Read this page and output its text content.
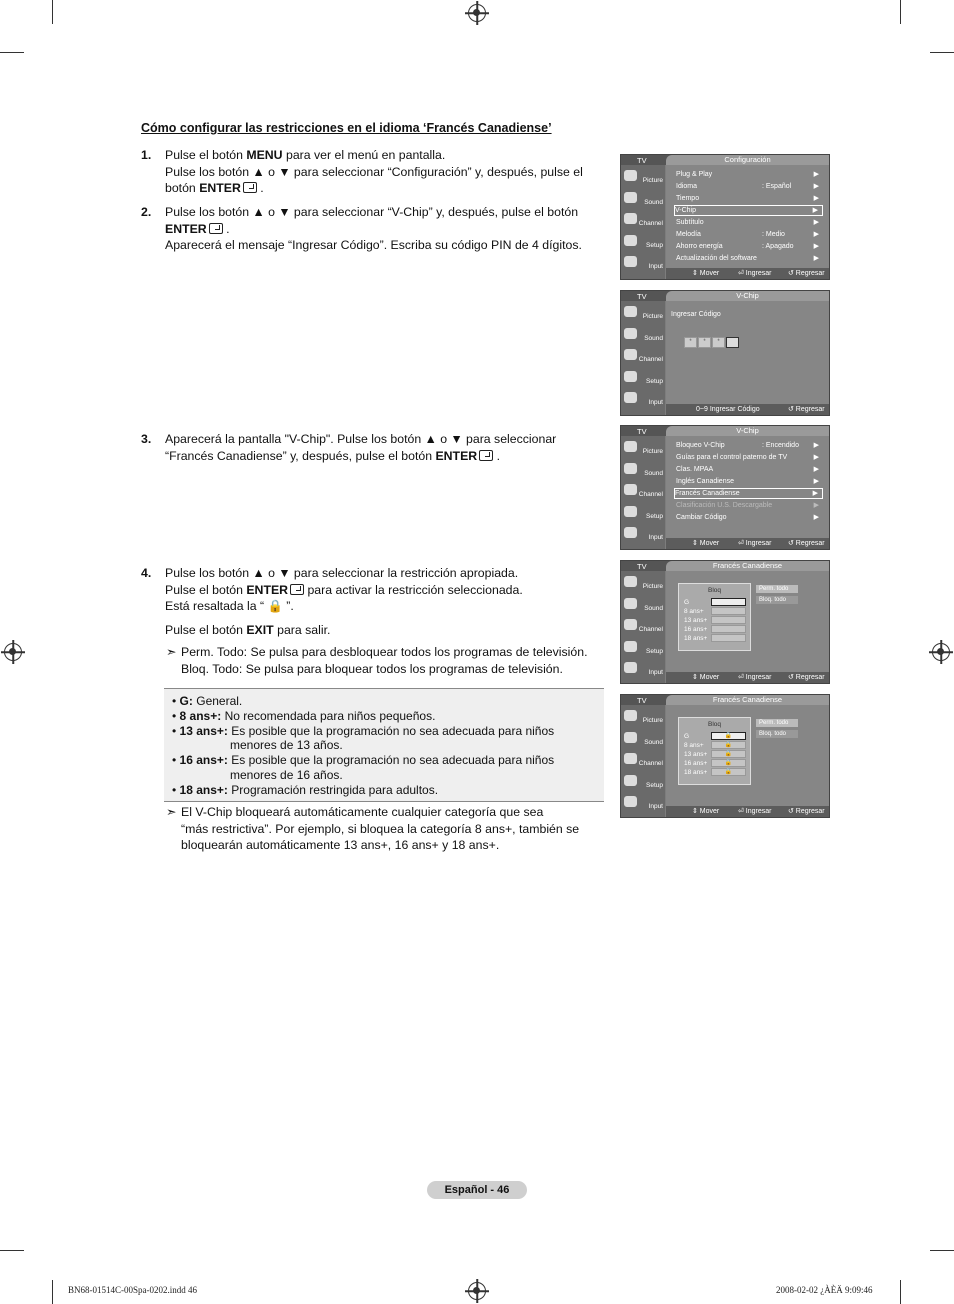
Cómo configurar las restricciones en el idioma ‘Francés Canadiense’
1. Pulse el botón MENU para ver el menú en pantalla.
Pulse los botón ▲ o ▼ para seleccionar “Configuración” y, después, pulse el
botón ENTER .
2. Pulse los botón ▲ o ▼ para seleccionar “V-Chip” y, después, pulse el botón
ENTER .
Aparecerá el mensaje “Ingresar Código”. Escriba su código PIN de 4 dígitos.
3. Aparecerá la pantalla "V-Chip". Pulse los botón ▲ o ▼ para seleccionar
“Francés Canadiense” y, después, pulse el botón ENTER .
4. Pulse los botón ▲ o ▼ para seleccionar la restricción apropiada.
Pulse el botón ENTER para activar la restricción seleccionada.
Está resaltada la “ 🔒 ”.

Pulse el botón EXIT para salir.
➣ Perm. Todo: Se pulsa para desbloquear todos los programas de televisión.
Bloq. Todo: Se pulsa para bloquear todos los programas de televisión.
• G: General.
• 8 ans+: No recomendada para niños pequeños.
• 13 ans+: Es posible que la programación no sea adecuada para niños
menores de 13 años.
• 16 ans+: Es posible que la programación no sea adecuada para niños
menores de 16 años.
• 18 ans+: Programación restringida para adultos.
➣ El V-Chip bloqueará automáticamente cualquier categoría que sea
“más restrictiva”. Por ejemplo, si bloquea la categoría 8 ans+, también se
bloquearán automáticamente 13 ans+, 16 ans+ y 18 ans+.
TV	Configuración
Picture
Sound
Channel
Setup
Input
Plug & Play	▶
Idioma	: Español	▶
Tiempo	▶
V-Chip	▶
Subtítulo	▶
Melodía	: Medio	▶
Ahorro energía	: Apagado	▶
Actualización del software	▶
⇕ Mover	⏎ Ingresar ↺ Regresar
TV	V-Chip
Picture
Sound
Channel
Setup
Input
Ingresar Código
*	*	*
0~9 Ingresar Código	↺ Regresar
TV	V-Chip
Picture
Sound
Channel
Setup
Input
Bloqueo V-Chip	: Encendido ▶
Guías para el control paterno de TV	▶
Clas. MPAA	▶
Inglés Canadiense	▶
Francés Canadiense	▶
Clasificación U.S. Descargable	▶
Cambiar Código	▶
⇕ Mover	⏎ Ingresar ↺ Regresar
TV	Francés Canadiense
Picture
Sound
Channel
Setup
Input
Bloq
G
8 ans+
13 ans+
16 ans+
18 ans+
Perm. todo
Bloq. todo
⇕ Mover	⏎ Ingresar ↺ Regresar
TV	Francés Canadiense
Picture
Sound
Channel
Setup
Input
Bloq
G	🔒
8 ans+	🔒
13 ans+	🔒
16 ans+	🔒
18 ans+	🔒
Perm. todo
Bloq. todo
⇕ Mover	⏎ Ingresar ↺ Regresar
Español - 46
BN68-01514C-00Spa-0202.indd 46	2008-02-02 ¿ÀÈÄ 9:09:46
